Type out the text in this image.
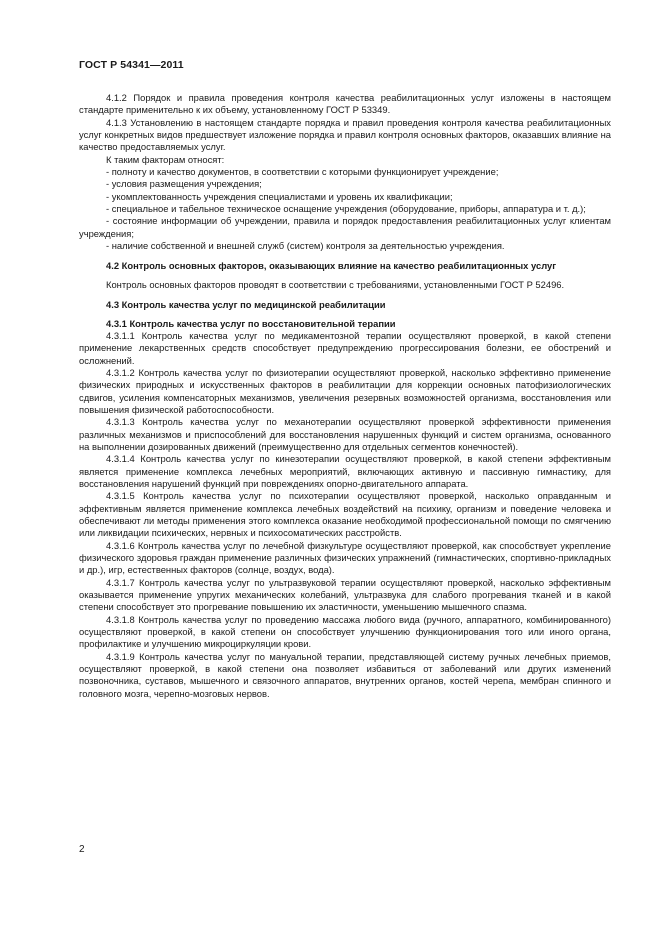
ГОСТ Р 54341—2011

4.1.2 Порядок и правила проведения контроля качества реабилитационных услуг изложены в настоящем стандарте применительно к их объему, установленному ГОСТ Р 53349.

4.1.3 Установлению в настоящем стандарте порядка и правил проведения контроля качества реабилитационных услуг конкретных видов предшествует изложение порядка и правил контроля основных факторов, оказавших влияние на качество предоставляемых услуг.

К таким факторам относят:

- полноту и качество документов, в соответствии с которыми функционирует учреждение;

- условия размещения учреждения;

- укомплектованность учреждения специалистами и уровень их квалификации;

- специальное и табельное техническое оснащение учреждения (оборудование, приборы, аппаратура и т. д.);

- состояние информации об учреждении, правила и порядок предоставления реабилитационных услуг клиентам учреждения;

- наличие собственной и внешней служб (систем) контроля за деятельностью учреждения.

4.2 Контроль основных факторов, оказывающих влияние на качество реабилитационных услуг

Контроль основных факторов проводят в соответствии с требованиями, установленными ГОСТ Р 52496.

4.3 Контроль качества услуг по медицинской реабилитации

4.3.1 Контроль качества услуг по восстановительной терапии

4.3.1.1 Контроль качества услуг по медикаментозной терапии осуществляют проверкой, в какой степени применение лекарственных средств способствует предупреждению прогрессирования болезни, ее обострений и осложнений.

4.3.1.2 Контроль качества услуг по физиотерапии осуществляют проверкой, насколько эффективно применение физических природных и искусственных факторов в реабилитации для коррекции основных патофизиологических сдвигов, усиления компенсаторных механизмов, увеличения резервных возможностей организма, восстановления или повышения физической работоспособности.

4.3.1.3 Контроль качества услуг по механотерапии осуществляют проверкой эффективности применения различных механизмов и приспособлений для восстановления нарушенных функций и систем организма, основанного на выполнении дозированных движений (преимущественно для отдельных сегментов конечностей).

4.3.1.4 Контроль качества услуг по кинезотерапии осуществляют проверкой, в какой степени эффективным является применение комплекса лечебных мероприятий, включающих активную и пассивную гимнастику, для восстановления нарушений функций при повреждениях опорно-двигательного аппарата.

4.3.1.5 Контроль качества услуг по психотерапии осуществляют проверкой, насколько оправданным и эффективным является применение комплекса лечебных воздействий на психику, организм и поведение человека и обеспечивают ли методы применения этого комплекса оказание необходимой профессиональной помощи по смягчению или ликвидации психических, нервных и психосоматических расстройств.

4.3.1.6 Контроль качества услуг по лечебной физкультуре осуществляют проверкой, как способствует укрепление физического здоровья граждан применение различных физических упражнений (гимнастических, спортивно-прикладных и др.), игр, естественных факторов (солнце, воздух, вода).

4.3.1.7 Контроль качества услуг по ультразвуковой терапии осуществляют проверкой, насколько эффективным оказывается применение упругих механических колебаний, ультразвука для слабого прогревания тканей и в какой степени способствует это прогревание повышению их эластичности, уменьшению мышечного спазма.

4.3.1.8 Контроль качества услуг по проведению массажа любого вида (ручного, аппаратного, комбинированного) осуществляют проверкой, в какой степени он способствует улучшению функционирования того или иного органа, профилактике и улучшению микроциркуляции крови.

4.3.1.9 Контроль качества услуг по мануальной терапии, представляющей систему ручных лечебных приемов, осуществляют проверкой, в какой степени она позволяет избавиться от заболеваний или других изменений позвоночника, суставов, мышечного и связочного аппаратов, внутренних органов, костей черепа, мембран спинного и головного мозга, черепно-мозговых нервов.

2
